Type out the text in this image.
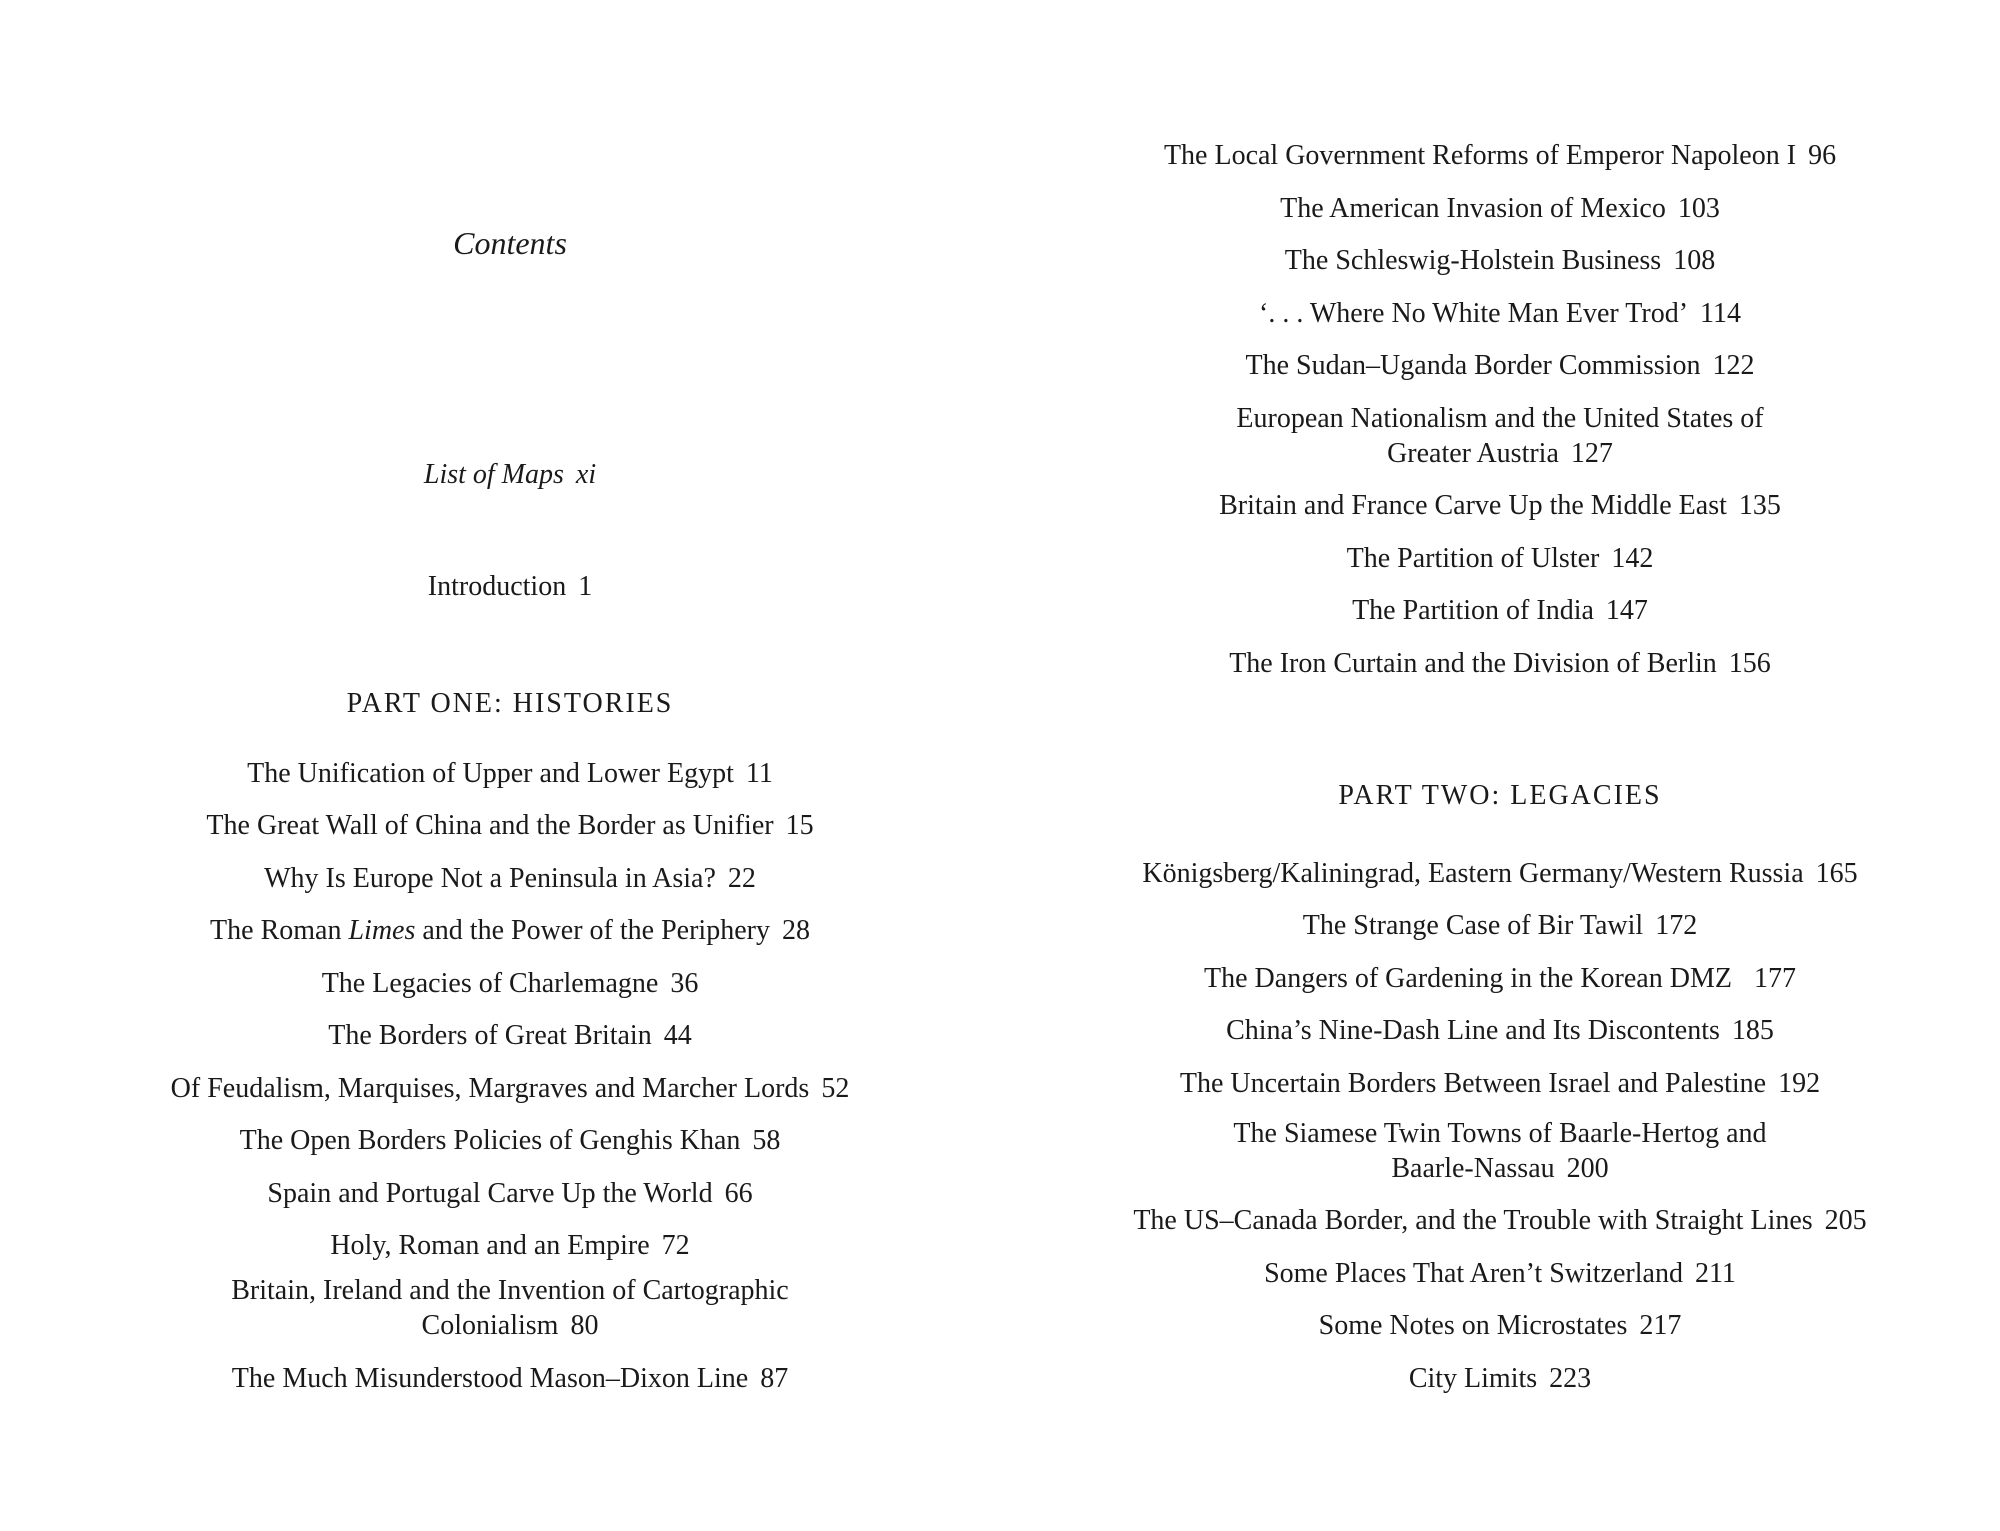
Contents
List of Maps xi
Introduction 1
PART ONE: HISTORIES
The Unification of Upper and Lower Egypt 11
The Great Wall of China and the Border as Unifier 15
Why Is Europe Not a Peninsula in Asia? 22
The Roman Limes and the Power of the Periphery 28
The Legacies of Charlemagne 36
The Borders of Great Britain 44
Of Feudalism, Marquises, Margraves and Marcher Lords 52
The Open Borders Policies of Genghis Khan 58
Spain and Portugal Carve Up the World 66
Holy, Roman and an Empire 72
Britain, Ireland and the Invention of Cartographic Colonialism 80
The Much Misunderstood Mason–Dixon Line 87
The Local Government Reforms of Emperor Napoleon I 96
The American Invasion of Mexico 103
The Schleswig-Holstein Business 108
‘. . . Where No White Man Ever Trod’ 114
The Sudan–Uganda Border Commission 122
European Nationalism and the United States of Greater Austria 127
Britain and France Carve Up the Middle East 135
The Partition of Ulster 142
The Partition of India 147
The Iron Curtain and the Division of Berlin 156
PART TWO: LEGACIES
Königsberg/Kaliningrad, Eastern Germany/Western Russia 165
The Strange Case of Bir Tawil 172
The Dangers of Gardening in the Korean DMZ 177
China’s Nine-Dash Line and Its Discontents 185
The Uncertain Borders Between Israel and Palestine 192
The Siamese Twin Towns of Baarle-Hertog and Baarle-Nassau 200
The US–Canada Border, and the Trouble with Straight Lines 205
Some Places That Aren’t Switzerland 211
Some Notes on Microstates 217
City Limits 223
